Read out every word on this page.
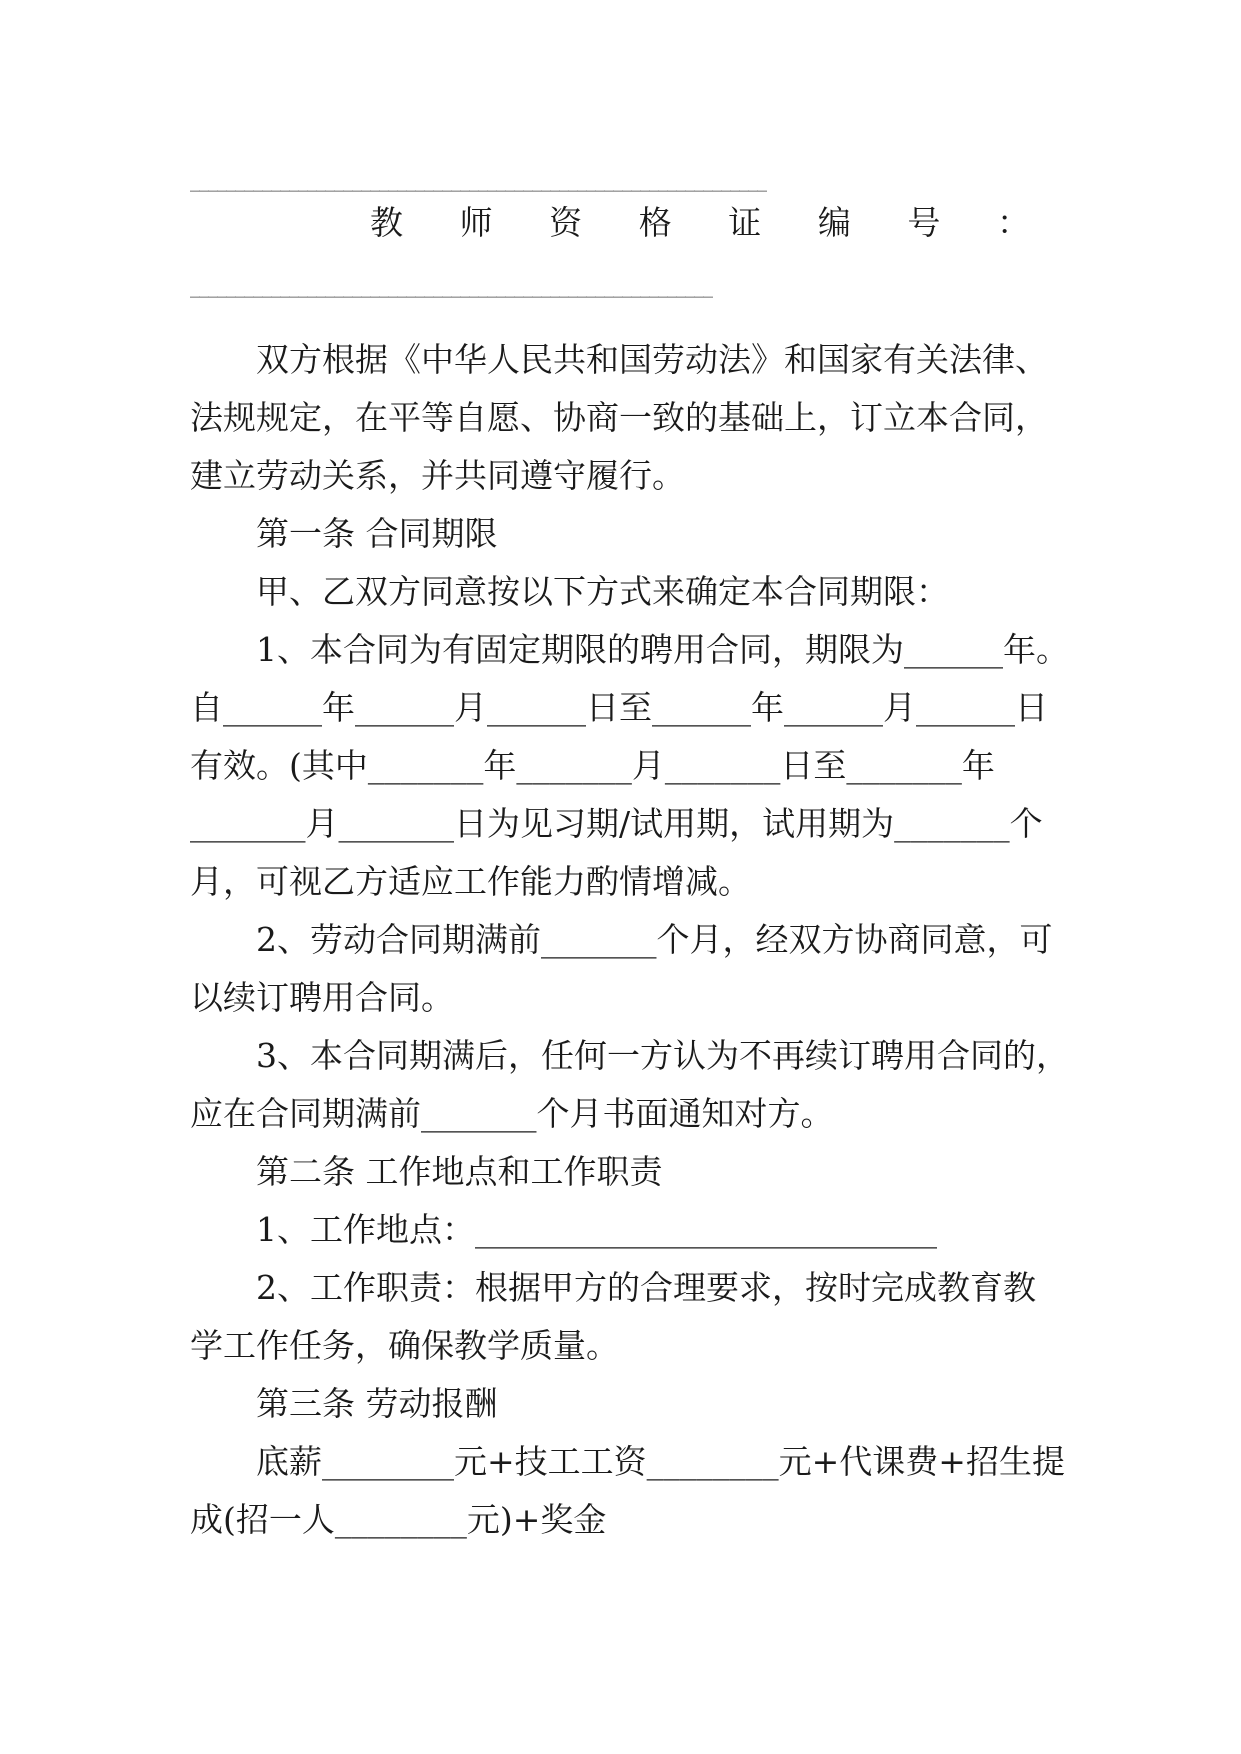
________________________________________________________________

教 师 资 格 证 编 号 ：

__________________________________________________________

　　双方根据《中华人民共和国劳动法》和国家有关法律、

法规规定，在平等自愿、协商一致的基础上，订立本合同，

建立劳动关系，并共同遵守履行。

　　第一条 合同期限

　　甲、乙双方同意按以下方式来确定本合同期限：

　　1、本合同为有固定期限的聘用合同，期限为______年。

自______年______月______日至______年______月______日

有效。(其中_______年_______月_______日至_______年

_______月_______日为见习期/试用期，试用期为_______个

月，可视乙方适应工作能力酌情增减。

　　2、劳动合同期满前_______个月，经双方协商同意，可

以续订聘用合同。

　　3、本合同期满后，任何一方认为不再续订聘用合同的，

应在合同期满前_______个月书面通知对方。

　　第二条 工作地点和工作职责

　　1、工作地点：____________________________

　　2、工作职责：根据甲方的合理要求，按时完成教育教

学工作任务，确保教学质量。

　　第三条 劳动报酬

　　底薪________元+技工工资________元+代课费+招生提

成(招一人________元)+奖金
